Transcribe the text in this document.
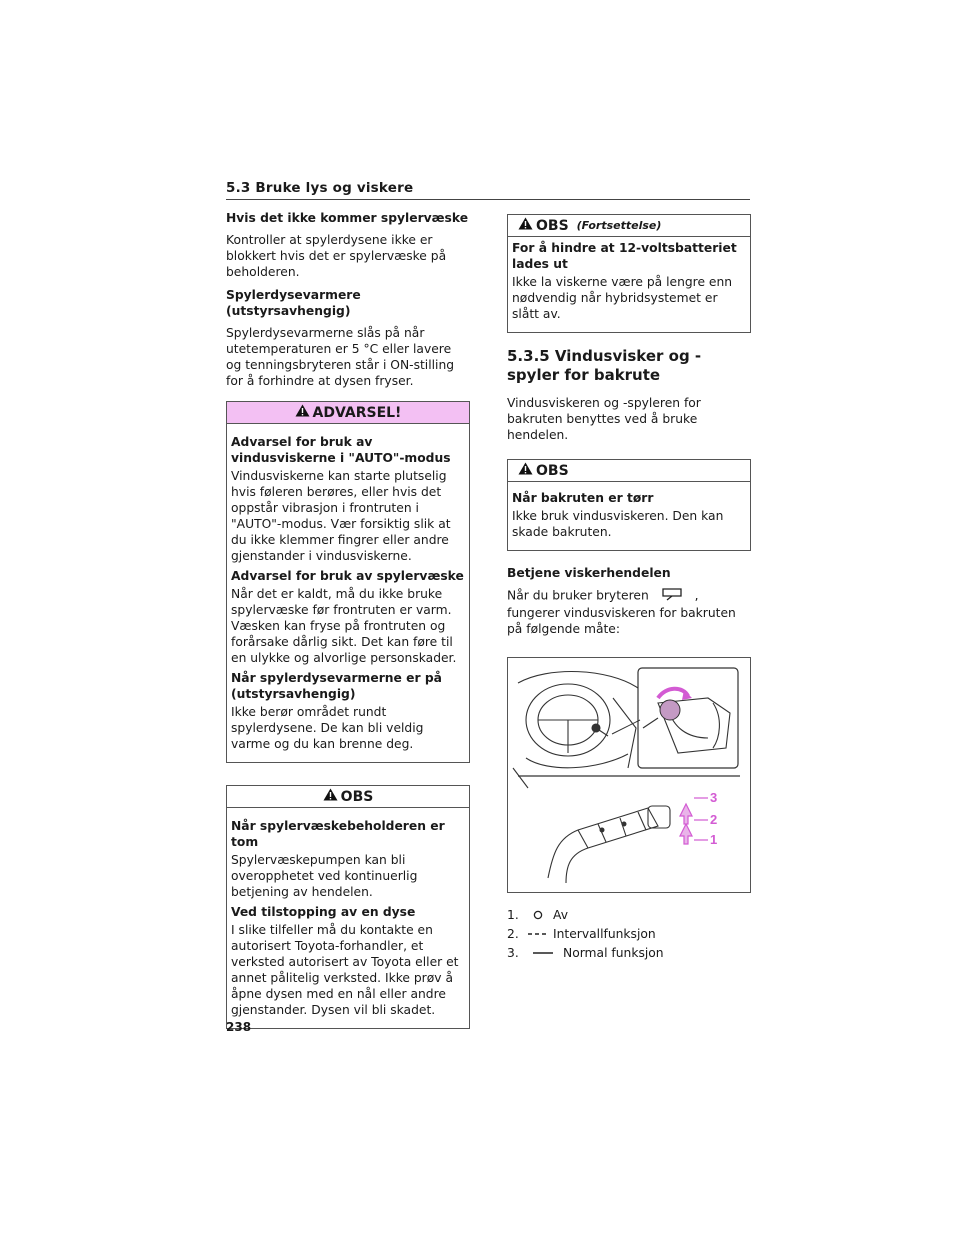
5.3 Bruke lys og viskere

Hvis det ikke kommer spylervæske

Kontroller at spylerdysene ikke er blokkert hvis det er spylervæske på beholderen.

Spylerdysevarmere (utstyrsavhengig)

Spylerdysevarmerne slås på når utetemperaturen er 5 °C eller lavere og tenningsbryteren står i ON-stilling for å forhindre at dysen fryser.

ADVARSEL!

Advarsel for bruk av vindusviskerne i "AUTO"-modus

Vindusviskerne kan starte plutselig hvis føleren berøres, eller hvis det oppstår vibrasjon i frontruten i "AUTO"-modus. Vær forsiktig slik at du ikke klemmer fingrer eller andre gjenstander i vindusviskerne.

Advarsel for bruk av spylervæske

Når det er kaldt, må du ikke bruke spylervæske før frontruten er varm. Væsken kan fryse på frontruten og forårsake dårlig sikt. Det kan føre til en ulykke og alvorlige personskader.

Når spylerdysevarmerne er på (utstyrsavhengig)

Ikke berør området rundt spylerdysene. De kan bli veldig varme og du kan brenne deg.

OBS

Når spylervæskebeholderen er tom

Spylervæskepumpen kan bli overopphetet ved kontinuerlig betjening av hendelen.

Ved tilstopping av en dyse

I slike tilfeller må du kontakte en autorisert Toyota-forhandler, et verksted autorisert av Toyota eller et annet pålitelig verksted. Ikke prøv å åpne dysen med en nål eller andre gjenstander. Dysen vil bli skadet.

OBS (Fortsettelse)

For å hindre at 12-voltsbatteriet lades ut

Ikke la viskerne være på lengre enn nødvendig når hybridsystemet er slått av.

5.3.5 Vindusvisker og -spyler for bakrute

Vindusviskeren og -spyleren for bakruten benyttes ved å bruke hendelen.

OBS

Når bakruten er tørr

Ikke bruk vindusviskeren. Den kan skade bakruten.

Betjene viskerhendelen

Når du bruker bryteren	, fungerer vindusviskeren for bakruten på følgende måte:

3
2
1
1.	Av
2.	Intervallfunksjon
3.	Normal funksjon
238
